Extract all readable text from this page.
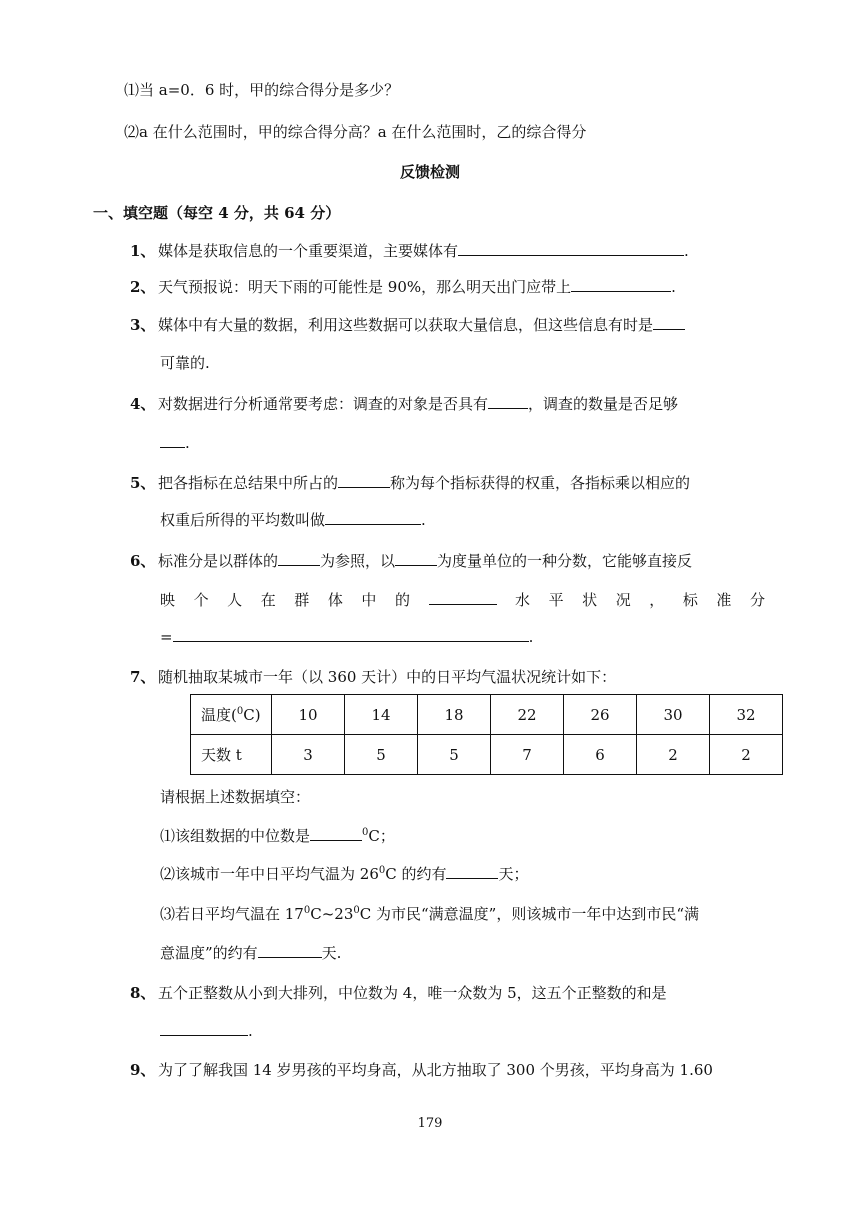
⑴当 a=0．6 时，甲的综合得分是多少？
⑵a 在什么范围时，甲的综合得分高？a 在什么范围时，乙的综合得分
反馈检测
一、填空题（每空 4 分，共 64 分）
1、 媒体是获取信息的一个重要渠道，主要媒体有	.
2、 天气预报说：明天下雨的可能性是 90%，那么明天出门应带上	.
3、 媒体中有大量的数据，利用这些数据可以获取大量信息，但这些信息有时是
可靠的.
4、 对数据进行分析通常要考虑：调查的对象是否具有	，调查的数量是否足够
.
5、 把各指标在总结果中所占的	称为每个指标获得的权重，各指标乘以相应的
权重后所得的平均数叫做	.
6、 标准分是以群体的	为参照，以	为度量单位的一种分数，它能够直接反
映 个 人 在 群 体 中 的	水 平 状 况 ， 标 准 分
=	.
7、 随机抽取某城市一年（以 360 天计）中的日平均气温状况统计如下：
温度($^0$C)	10	14	18	22	26	30	32
天数 t	3	5	5	7	6	2	2
请根据上述数据填空：
⑴该组数据的中位数是	$^0$C；
⑵该城市一年中日平均气温为 $26^0C$ 的约有	天；
⑶若日平均气温在 $17^0C\sim 23^0C$ 为市民“满意温度”，则该城市一年中达到市民“满
意温度”的约有	天.
8、 五个正整数从小到大排列，中位数为 4，唯一众数为 5，这五个正整数的和是
.
9、 为了了解我国 14 岁男孩的平均身高，从北方抽取了 300 个男孩，平均身高为 1.60
179
